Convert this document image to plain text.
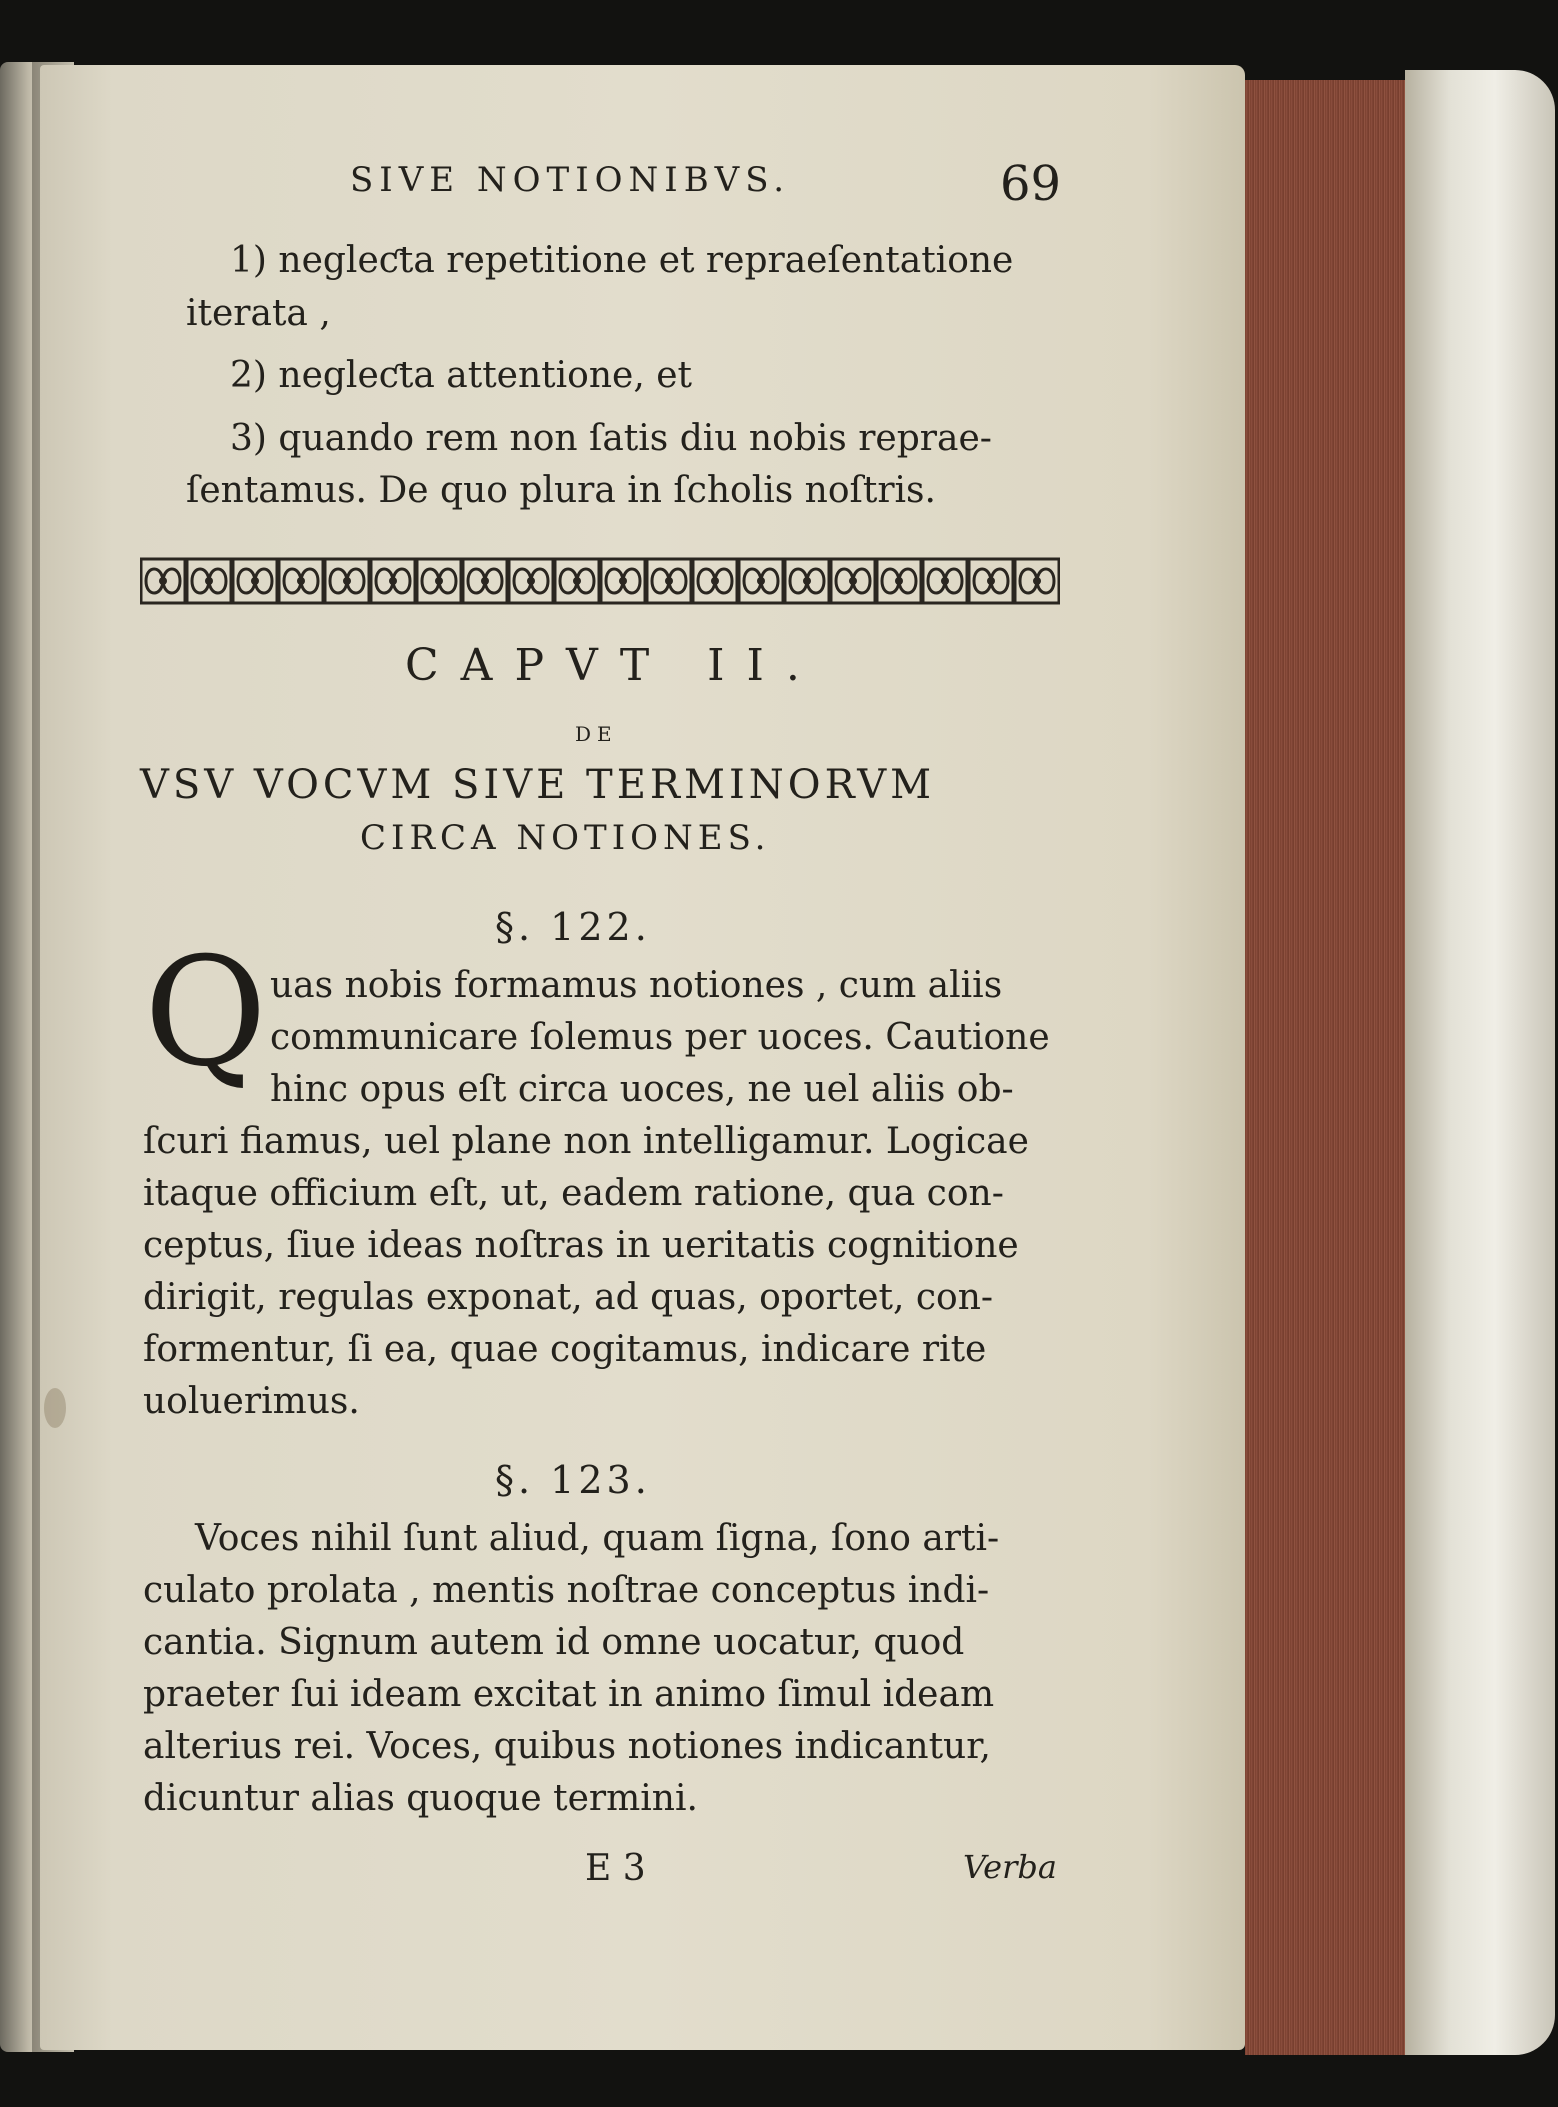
SIVE NOTIONIBVS.	69
1) negleƈta repetitione et repraeſentatione
iterata ,
2) negleƈta attentione, et
3) quando rem non ſatis diu nobis reprae-
ſentamus. De quo plura in ſcholis noſtris.
CAPVT II.
DE
VSV VOCVM SIVE TERMINORVM
CIRCA NOTIONES.
§. 122.
Q uas nobis formamus notiones , cum aliis
communicare ſolemus per uoces. Cautione
hinc opus eſt circa uoces, ne uel aliis ob-
ſcuri fiamus, uel plane non intelligamur. Logicae
itaque officium eſt, ut, eadem ratione, qua con-
ceptus, ſiue ideas noſtras in ueritatis cognitione
dirigit, regulas exponat, ad quas, oportet, con-
formentur, ſi ea, quae cogitamus, indicare rite
uoluerimus.
§. 123.
Voces nihil ſunt aliud, quam ſigna, ſono arti-
culato prolata , mentis noſtrae conceptus indi-
cantia. Signum autem id omne uocatur, quod
praeter ſui ideam excitat in animo ſimul ideam
alterius rei. Voces, quibus notiones indicantur,
dicuntur alias quoque termini.
E 3	Verba
